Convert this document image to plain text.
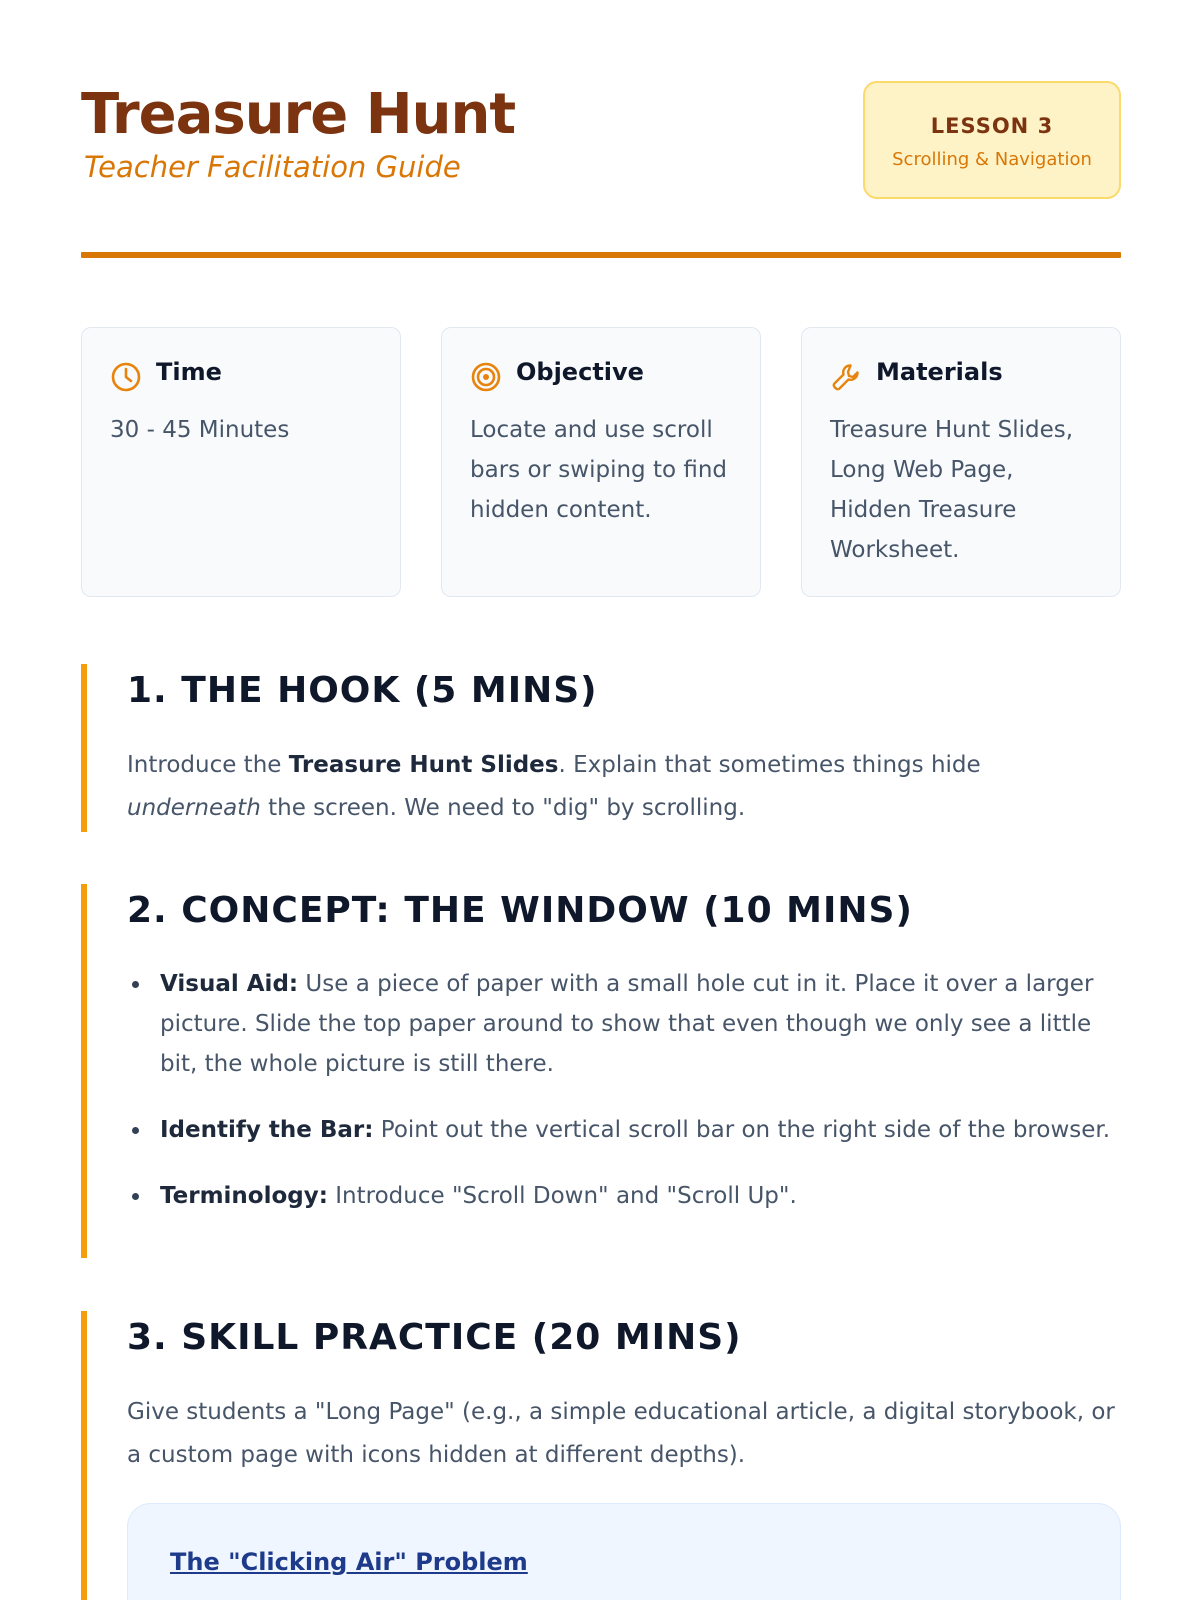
Treasure Hunt
Teacher Facilitation Guide
LESSON 3
Scrolling & Navigation
Time
30 - 45 Minutes
Objective
Locate and use scroll bars or swiping to find hidden content.
Materials
Treasure Hunt Slides, Long Web Page, Hidden Treasure Worksheet.
1. THE HOOK (5 MINS)

Introduce the Treasure Hunt Slides. Explain that sometimes things hide underneath the screen. We need to "dig" by scrolling.

2. CONCEPT: THE WINDOW (10 MINS)
Visual Aid: Use a piece of paper with a small hole cut in it. Place it over a larger picture. Slide the top paper around to show that even though we only see a little bit, the whole picture is still there.
Identify the Bar: Point out the vertical scroll bar on the right side of the browser.
Terminology: Introduce "Scroll Down" and "Scroll Up".
3. SKILL PRACTICE (20 MINS)

Give students a "Long Page" (e.g., a simple educational article, a digital storybook, or a custom page with icons hidden at different depths).

The "Clicking Air" Problem
